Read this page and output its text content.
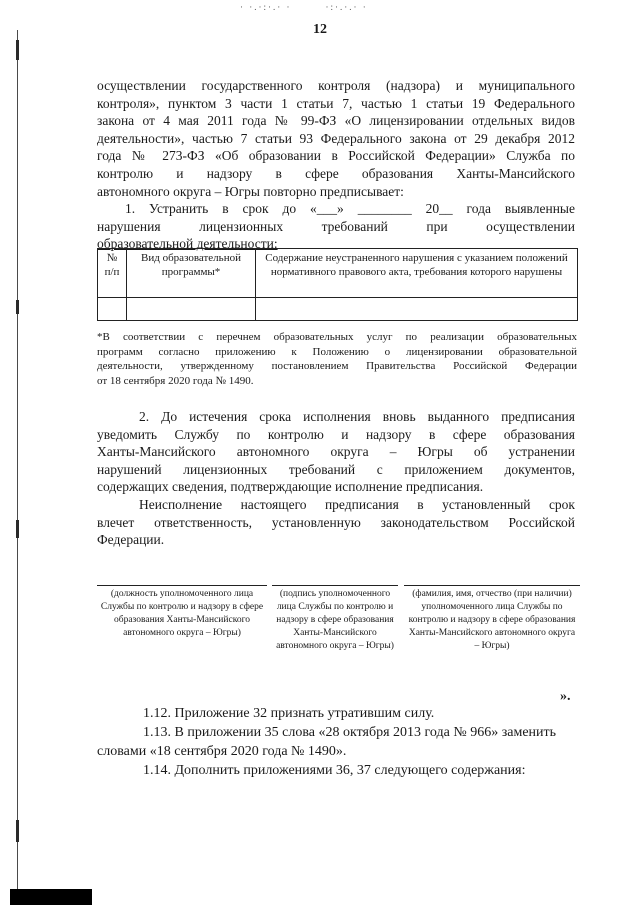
· ·.·:·.· ·        ·:·.·.· ·
12
осуществлении государственного контроля (надзора) и муниципального
контроля», пунктом 3 части 1 статьи 7, частью 1 статьи 19 Федерального
закона от 4 мая 2011 года № 99-ФЗ «О лицензировании отдельных видов
деятельности», частью 7 статьи 93 Федерального закона от 29 декабря 2012
года № 273-ФЗ «Об образовании в Российской Федерации» Служба по
контролю и надзору в сфере образования Ханты-Мансийского
автономного округа – Югры повторно предписывает:
1. Устранить в срок до «___» ________ 20__ года выявленные
нарушения лицензионных требований при осуществлении
образовательной деятельности:
№ п/п	Вид образовательной программы*	Содержание неустраненного нарушения с указанием положений нормативного правового акта, требования которого нарушены

*В соответствии с перечнем образовательных услуг по реализации образовательных
программ согласно приложению к Положению о лицензировании образовательной
деятельности, утвержденному постановлением Правительства Российской Федерации
от 18 сентября 2020 года № 1490.
2. До истечения срока исполнения вновь выданного предписания
уведомить Службу по контролю и надзору в сфере образования
Ханты-Мансийского автономного округа – Югры об устранении
нарушений лицензионных требований с приложением документов,
содержащих сведения, подтверждающие исполнение предписания.
Неисполнение настоящего предписания в установленный срок
влечет ответственность, установленную законодательством Российской
Федерации.
(должность уполномоченного лица Службы по контролю и надзору в сфере образования Ханты-Мансийского автономного округа – Югры)
(подпись уполномоченного лица Службы по контролю и надзору в сфере образования Ханты-Мансийского автономного округа – Югры)
(фамилия, имя, отчество (при наличии) уполномоченного лица Службы по контролю и надзору в сфере образования Ханты-Мансийского автономного округа – Югры)
».
1.12. Приложение 32 признать утратившим силу.
1.13. В приложении 35 слова «28 октября 2013 года № 966» заменить
словами «18 сентября 2020 года № 1490».
1.14. Дополнить приложениями 36, 37 следующего содержания:
